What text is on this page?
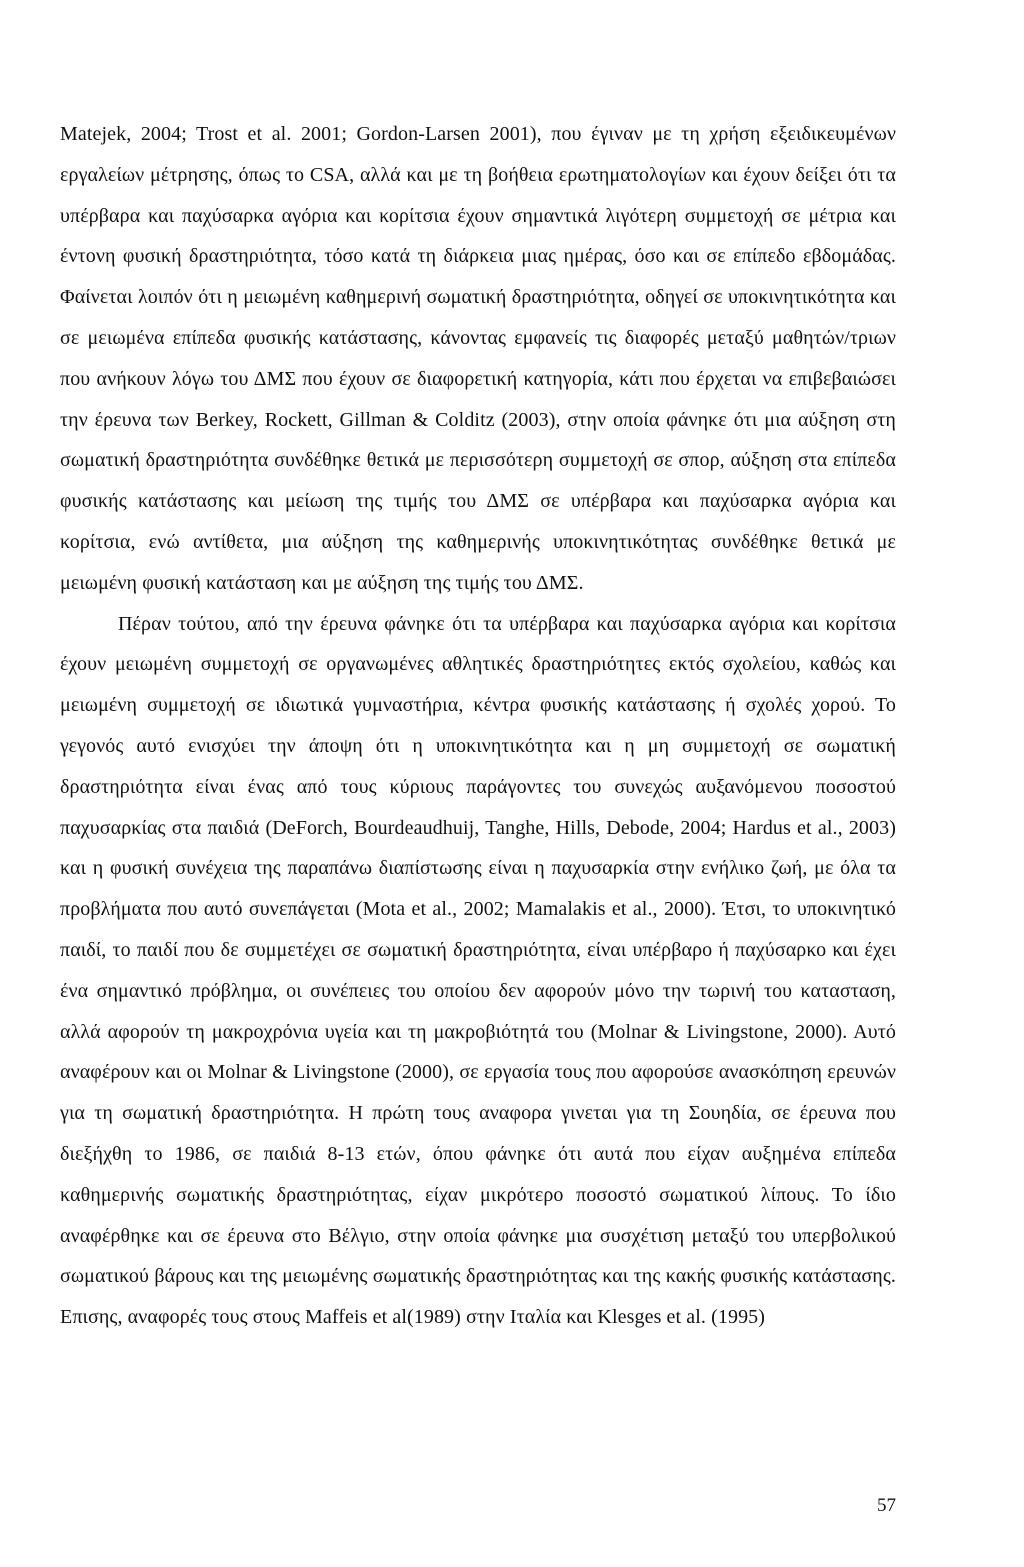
Matejek, 2004; Trost et al. 2001; Gordon-Larsen 2001), που έγιναν με τη χρήση εξειδικευμένων εργαλείων μέτρησης, όπως το CSA, αλλά και με τη βοήθεια ερωτηματολογίων και έχουν δείξει ότι τα υπέρβαρα και παχύσαρκα αγόρια και κορίτσια έχουν σημαντικά λιγότερη συμμετοχή σε μέτρια και έντονη φυσική δραστηριότητα, τόσο κατά τη διάρκεια μιας ημέρας, όσο και σε επίπεδο εβδομάδας. Φαίνεται λοιπόν ότι η μειωμένη καθημερινή σωματική δραστηριότητα, οδηγεί σε υποκινητικότητα και σε μειωμένα επίπεδα φυσικής κατάστασης, κάνοντας εμφανείς τις διαφορές μεταξύ μαθητών/τριων που ανήκουν λόγω του ΔΜΣ που έχουν σε διαφορετική κατηγορία, κάτι που έρχεται να επιβεβαιώσει την έρευνα των Berkey, Rockett, Gillman & Colditz (2003), στην οποία φάνηκε ότι μια αύξηση στη σωματική δραστηριότητα συνδέθηκε θετικά με περισσότερη συμμετοχή σε σπορ, αύξηση στα επίπεδα φυσικής κατάστασης και μείωση της τιμής του ΔΜΣ σε υπέρβαρα και παχύσαρκα αγόρια και κορίτσια, ενώ αντίθετα, μια αύξηση της καθημερινής υποκινητικότητας συνδέθηκε θετικά με μειωμένη φυσική κατάσταση και με αύξηση της τιμής του ΔΜΣ.

Πέραν τούτου, από την έρευνα φάνηκε ότι τα υπέρβαρα και παχύσαρκα αγόρια και κορίτσια έχουν μειωμένη συμμετοχή σε οργανωμένες αθλητικές δραστηριότητες εκτός σχολείου, καθώς και μειωμένη συμμετοχή σε ιδιωτικά γυμναστήρια, κέντρα φυσικής κατάστασης ή σχολές χορού. Το γεγονός αυτό ενισχύει την άποψη ότι η υποκινητικότητα και η μη συμμετοχή σε σωματική δραστηριότητα είναι ένας από τους κύριους παράγοντες του συνεχώς αυξανόμενου ποσοστού παχυσαρκίας στα παιδιά (DeForch, Bourdeaudhuij, Tanghe, Hills, Debode, 2004; Hardus et al., 2003) και η φυσική συνέχεια της παραπάνω διαπίστωσης είναι η παχυσαρκία στην ενήλικο ζωή, με όλα τα προβλήματα που αυτό συνεπάγεται (Mota et al., 2002; Mamalakis et al., 2000). Έτσι, το υποκινητικό παιδί, το παιδί που δε συμμετέχει σε σωματική δραστηριότητα, είναι υπέρβαρο ή παχύσαρκο και έχει ένα σημαντικό πρόβλημα, οι συνέπειες του οποίου δεν αφορούν μόνο την τωρινή του κατασταση, αλλά αφορούν τη μακροχρόνια υγεία και τη μακροβιότητά του (Molnar & Livingstone, 2000). Αυτό αναφέρουν και οι Molnar & Livingstone (2000), σε εργασία τους που αφορούσε ανασκόπηση ερευνών για τη σωματική δραστηριότητα. Η πρώτη τους αναφορα γινεται για τη Σουηδία, σε έρευνα που διεξήχθη το 1986, σε παιδιά 8-13 ετών, όπου φάνηκε ότι αυτά που είχαν αυξημένα επίπεδα καθημερινής σωματικής δραστηριότητας, είχαν μικρότερο ποσοστό σωματικού λίπους. Το ίδιο αναφέρθηκε και σε έρευνα στο Βέλγιο, στην οποία φάνηκε μια συσχέτιση μεταξύ του υπερβολικού σωματικού βάρους και της μειωμένης σωματικής δραστηριότητας και της κακής φυσικής κατάστασης. Επισης, αναφορές τους στους Maffeis et al(1989) στην Ιταλία και Klesges et al. (1995)

57
